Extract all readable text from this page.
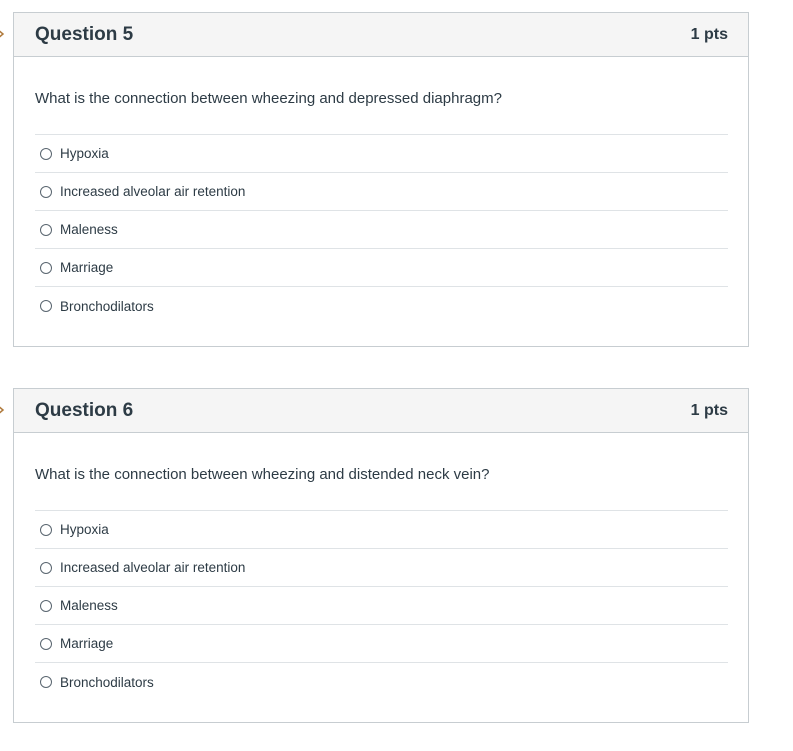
Question 5	1 pts
What is the connection between wheezing and depressed diaphragm?
Hypoxia
Increased alveolar air retention
Maleness
Marriage
Bronchodilators
Question 6	1 pts
What is the connection between wheezing and distended neck vein?
Hypoxia
Increased alveolar air retention
Maleness
Marriage
Bronchodilators
